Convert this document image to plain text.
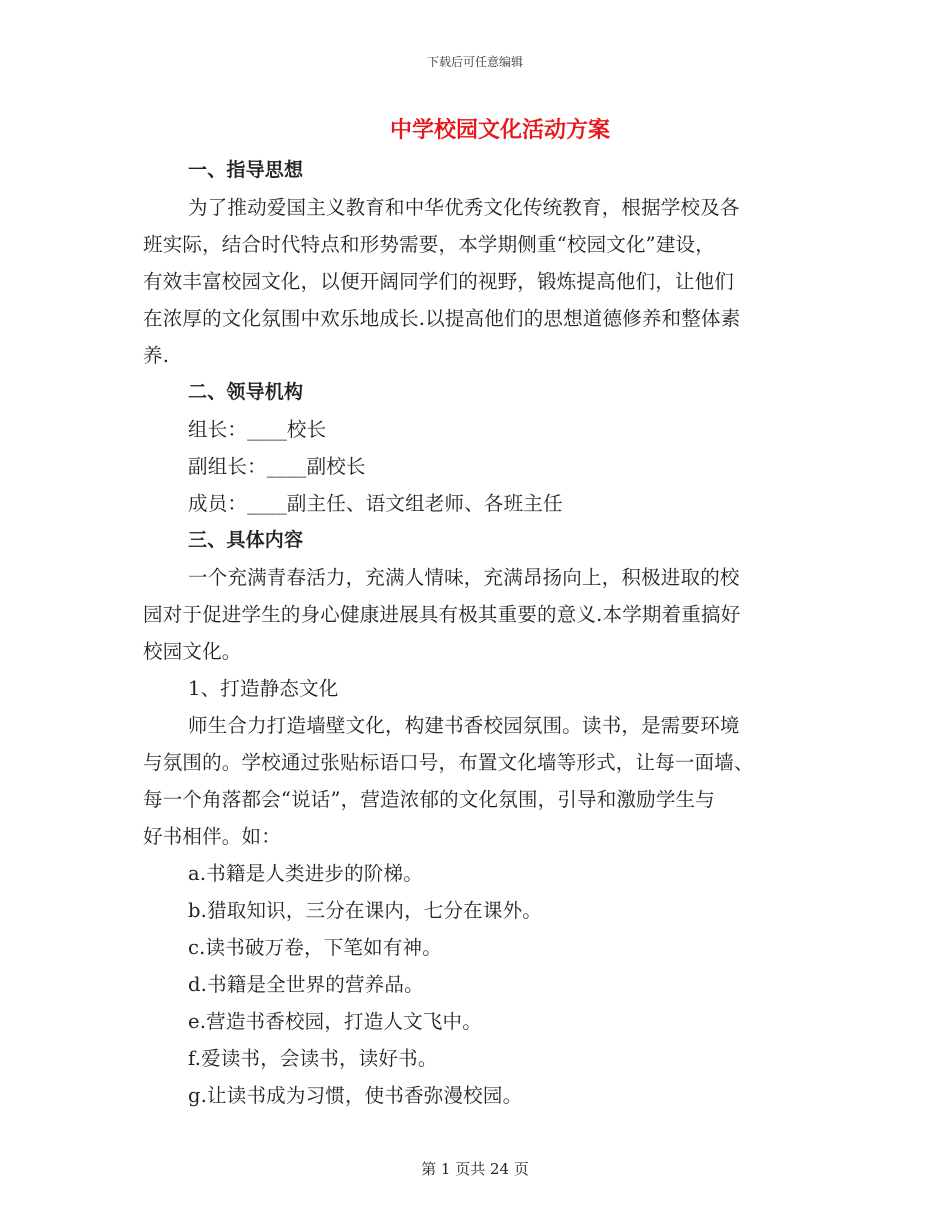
下载后可任意编辑
中学校园文化活动方案
一、指导思想
为了推动爱国主义教育和中华优秀文化传统教育，根据学校及各
班实际，结合时代特点和形势需要，本学期侧重“校园文化”建设，
有效丰富校园文化，以便开阔同学们的视野，锻炼提高他们，让他们
在浓厚的文化氛围中欢乐地成长.以提高他们的思想道德修养和整体素
养.
二、领导机构
组长：____校长
副组长：____副校长
成员：____副主任、语文组老师、各班主任
三、具体内容
一个充满青春活力，充满人情味，充满昂扬向上，积极进取的校
园对于促进学生的身心健康进展具有极其重要的意义.本学期着重搞好
校园文化。
1、打造静态文化
师生合力打造墙壁文化，构建书香校园氛围。读书，是需要环境
与氛围的。学校通过张贴标语口号，布置文化墙等形式，让每一面墙、
每一个角落都会“说话”，营造浓郁的文化氛围，引导和激励学生与
好书相伴。如：
a.书籍是人类进步的阶梯。
b.猎取知识，三分在课内，七分在课外。
c.读书破万卷，下笔如有神。
d.书籍是全世界的营养品。
e.营造书香校园，打造人文飞中。
f.爱读书，会读书，读好书。
g.让读书成为习惯，使书香弥漫校园。
第 1 页共 24 页
